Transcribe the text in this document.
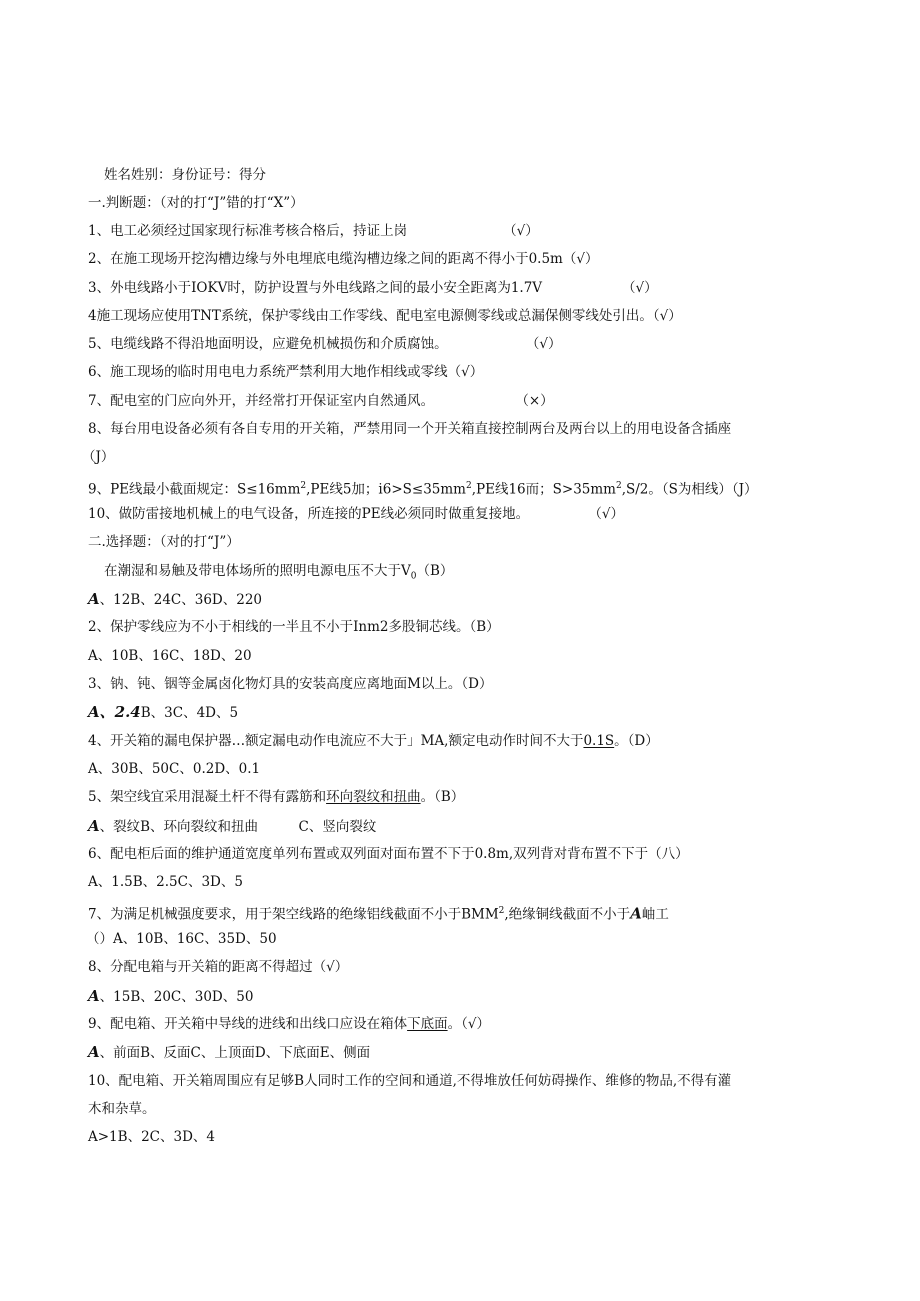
姓名姓别：身份证号：得分
一.判断题：（对的打“J”错的打“X”）
1、电工必须经过国家现行标准考核合格后，持证上岗	（√）
2、在施工现场开挖沟槽边缘与外电埋底电缆沟槽边缘之间的距离不得小于0.5m（√）
3、外电线路小于IOKV时，防护设置与外电线路之间的最小安全距离为1.7V	（√）
4施工现场应使用TNT系统，保护零线由工作零线、配电室电源侧零线或总漏保侧零线处引出。（√）
5、电缆线路不得沿地面明设，应避免机械损伤和介质腐蚀。	（√）
6、施工现场的临时用电电力系统严禁利用大地作相线或零线（√）
7、配电室的门应向外开，并经常打开保证室内自然通风。	（×）
8、每台用电设备必须有各自专用的开关箱，严禁用同一个开关箱直接控制两台及两台以上的用电设备含插座
（J）
9、PE线最小截面规定：$S\le 16mm^2,PE$线5加；$i6>S\le 35mm^2,PE$线16而；$S>35mm^2,S/2$。（S为相线）（J）
10、做防雷接地机械上的电气设备，所连接的PE线必须同时做重复接地。	（√）
二.选择题：（对的打“J”）
在潮湿和易触及带电体场所的照明电源电压不大于$V_0(B)$
A、12B、24C、36D、220
2、保护零线应为不小于相线的一半且不小于Inm2多股铜芯线。（B）
A、10B、16C、18D、20
3、钠、钝、铟等金属卤化物灯具的安装高度应离地面M以上。（D）
A、2.4B、3C、4D、5
4、开关箱的漏电保护器…额定漏电动作电流应不大于」MA,额定电动作时间不大于0.1S。（D）
A、30B、50C、0.2D、0.1
5、架空线宜采用混凝土杆不得有露筋和环向裂纹和扭曲。（B）
A、裂纹B、环向裂纹和扭曲　　　C、竖向裂纹
6、配电柜后面的维护通道宽度单列布置或双列面对面布置不下于0.8m,双列背对背布置不下于（八）
A、1.5B、2.5C、3D、5
7、为满足机械强度要求，用于架空线路的绝缘铝线截面不小于BMM$^2$,绝缘铜线截面不小于A岫工
（）A、10B、16C、35D、50
8、分配电箱与开关箱的距离不得超过（√）
A、15B、20C、30D、50
9、配电箱、开关箱中导线的进线和出线口应设在箱体下底面。（√）
A、前面B、反面C、上顶面D、下底面E、侧面
10、配电箱、开关箱周围应有足够B人同时工作的空间和通道,不得堆放任何妨碍操作、维修的物品,不得有灌
木和杂草。
A>1B、2C、3D、4
